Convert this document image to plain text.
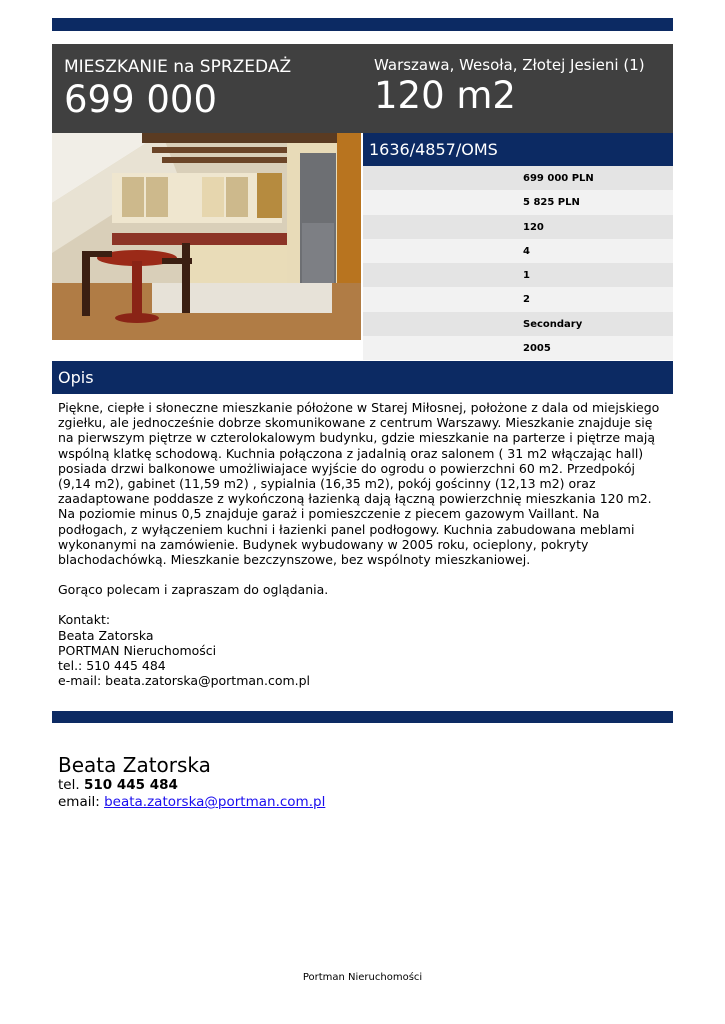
MIESZKANIE na SPRZEDAŻ
699 000
Warszawa, Wesoła, Złotej Jesieni (1)
120 m2
1636/4857/OMS
699 000 PLN
5 825 PLN
120
4
1
2
Secondary
2005
Opis

Piękne, ciepłe i słoneczne mieszkanie półożone w Starej Miłosnej, położone z dala od miejskiego zgiełku, ale jednocześnie dobrze skomunikowane z centrum Warszawy. Mieszkanie znajduje się na pierwszym piętrze w czterolokalowym budynku, gdzie mieszkanie na parterze i piętrze mają wspólną klatkę schodową. Kuchnia połączona z jadalnią oraz salonem ( 31 m2 włączając hall) posiada drzwi balkonowe umożliwiajace wyjście do ogrodu o powierzchni 60 m2. Przedpokój (9,14 m2), gabinet (11,59 m2) , sypialnia (16,35 m2), pokój gościnny (12,13 m2) oraz zaadaptowane poddasze z wykończoną łazienką dają łączną powierzchnię mieszkania 120 m2. Na poziomie minus 0,5 znajduje garaż i pomieszczenie z piecem gazowym Vaillant. Na podłogach, z wyłączeniem kuchni i łazienki panel podłogowy. Kuchnia zabudowana meblami wykonanymi na zamówienie. Budynek wybudowany w 2005 roku, ocieplony, pokryty blachodachówką. Mieszkanie bezczynszowe, bez wspólnoty mieszkaniowej.

Gorąco polecam i zapraszam do oglądania.

Kontakt:

Beata Zatorska

PORTMAN Nieruchomości

tel.: 510 445 484

e-mail: beata.zatorska@portman.com.pl

Beata Zatorska
tel. 510 445 484
email: beata.zatorska@portman.com.pl
Portman Nieruchomości
